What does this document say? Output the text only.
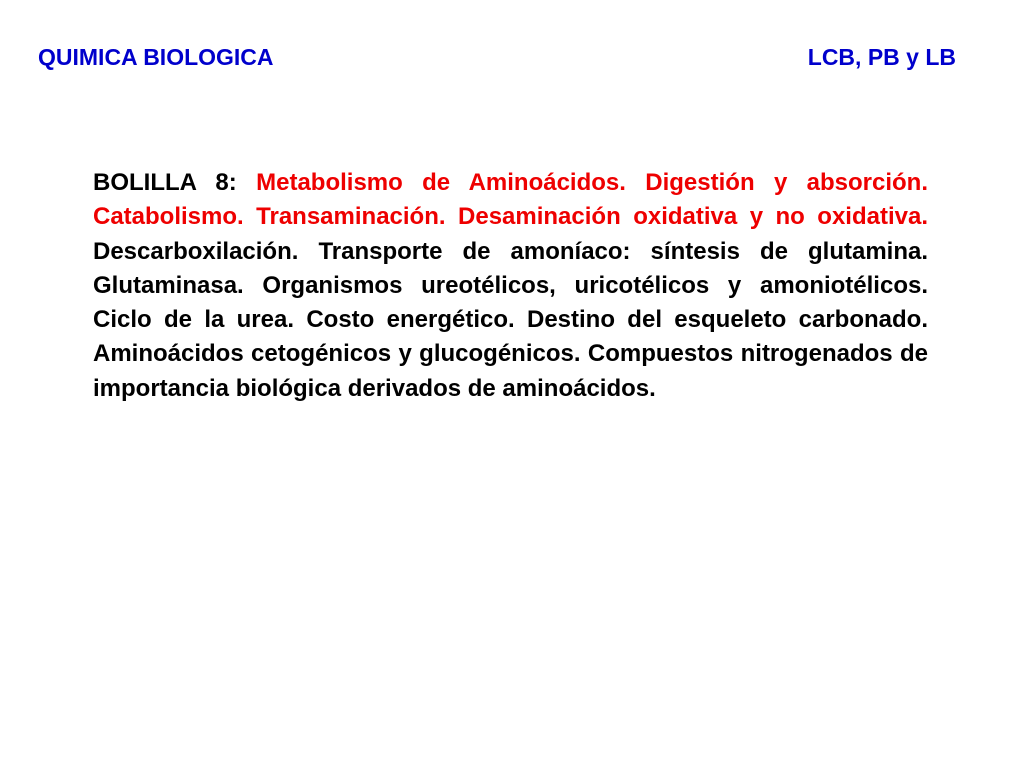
QUIMICA BIOLOGICA	LCB, PB y LB

BOLILLA 8: Metabolismo de Aminoácidos. Digestión y absorción. Catabolismo. Transaminación. Desaminación oxidativa y no oxidativa. Descarboxilación. Transporte de amoníaco: síntesis de glutamina. Glutaminasa. Organismos ureotélicos, uricotélicos y amoniotélicos. Ciclo de la urea. Costo energético. Destino del esqueleto carbonado. Aminoácidos cetogénicos y glucogénicos. Compuestos nitrogenados de importancia biológica derivados de aminoácidos.
